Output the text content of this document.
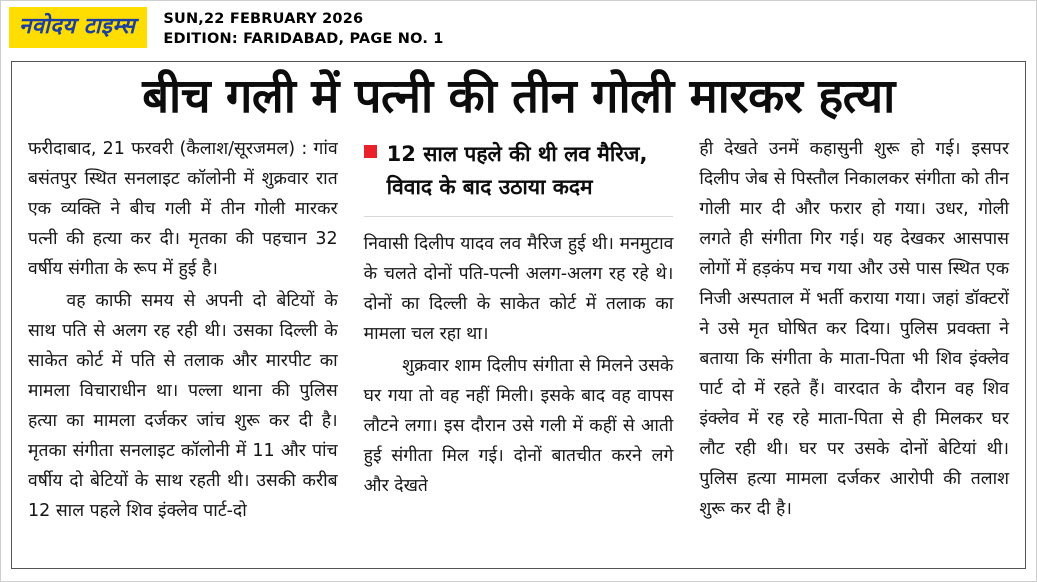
नवोदय टाइम्स	SUN,22 FEBRUARY 2026
EDITION: FARIDABAD, PAGE NO. 1
बीच गली में पत्नी की तीन गोली मारकर हत्या

फरीदाबाद, 21 फरवरी (कैलाश/सूरजमल) : गांव बसंतपुर स्थित सनलाइट कॉलोनी में शुक्रवार रात एक व्यक्ति ने बीच गली में तीन गोली मारकर पत्नी की हत्या कर दी। मृतका की पहचान 32 वर्षीय संगीता के रूप में हुई है।

वह काफी समय से अपनी दो बेटियों के साथ पति से अलग रह रही थी। उसका दिल्ली के साकेत कोर्ट में पति से तलाक और मारपीट का मामला विचाराधीन था। पल्ला थाना की पुलिस हत्या का मामला दर्जकर जांच शुरू कर दी है।मृतका संगीता सनलाइट कॉलोनी में 11 और पांच वर्षीय दो बेटियों के साथ रहती थी। उसकी करीब 12 साल पहले शिव इंक्लेव पार्ट-दो

12 साल पहले की थी लव मैरिज, विवाद के बाद उठाया कदम

निवासी दिलीप यादव लव मैरिज हुई थी। मनमुटाव के चलते दोनों पति-पत्नी अलग-अलग रह रहे थे। दोनों का दिल्ली के साकेत कोर्ट में तलाक का मामला चल रहा था।

शुक्रवार शाम दिलीप संगीता से मिलने उसके घर गया तो वह नहीं मिली। इसके बाद वह वापस लौटने लगा। इस दौरान उसे गली में कहीं से आती हुई संगीता मिल गई। दोनों बातचीत करने लगे और देखते

ही देखते उनमें कहासुनी शुरू हो गई। इसपर दिलीप जेब से पिस्तौल निकालकर संगीता को तीन गोली मार दी और फरार हो गया। उधर, गोली लगते ही संगीता गिर गई। यह देखकर आसपास लोगों में हड़कंप मच गया और उसे पास स्थित एक निजी अस्पताल में भर्ती कराया गया। जहां डॉक्टरों ने उसे मृत घोषित कर दिया। पुलिस प्रवक्ता ने बताया कि संगीता के माता-पिता भी शिव इंक्लेव पार्ट दो में रहते हैं। वारदात के दौरान वह शिव इंक्लेव में रह रहे माता-पिता से ही मिलकर घर लौट रही थी। घर पर उसके दोनों बेटियां थी। पुलिस हत्या मामला दर्जकर आरोपी की तलाश शुरू कर दी है।
